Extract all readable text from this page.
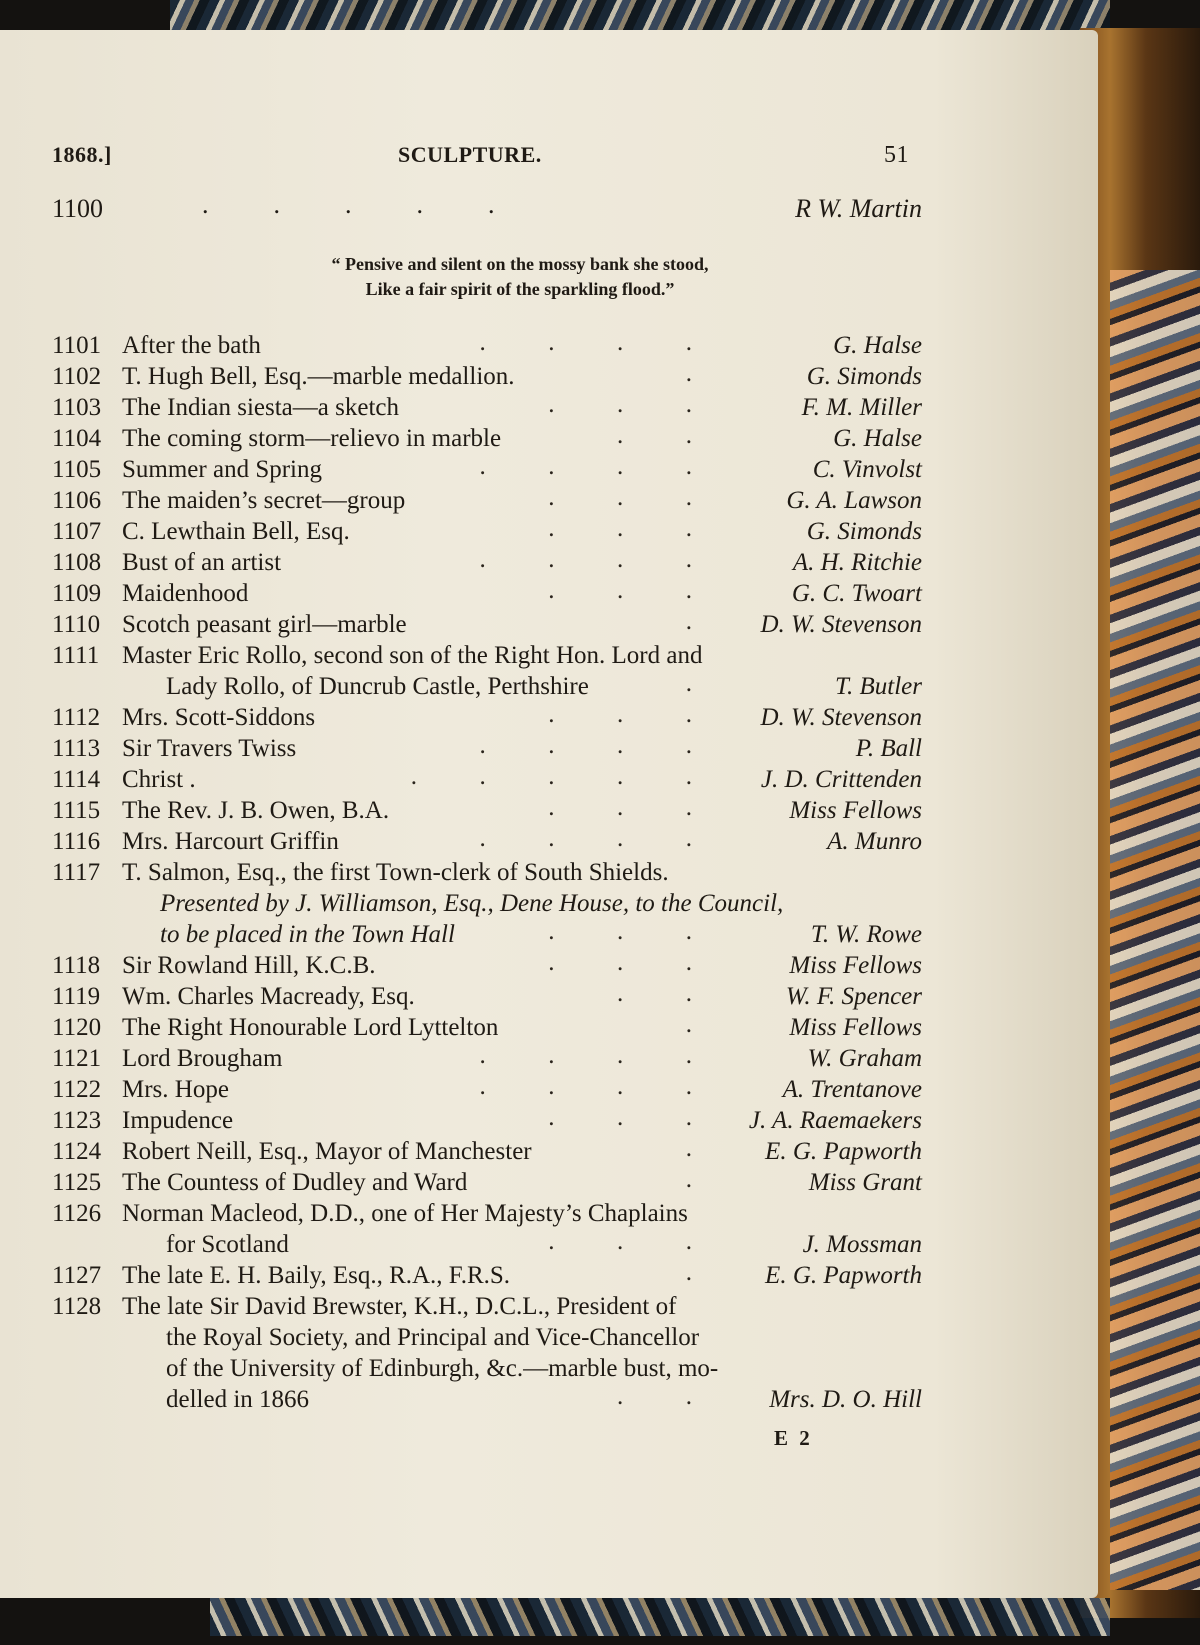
1868.]	SCULPTURE.	51
1100	.          .          .          .          .	R W. Martin
“ Pensive and silent on the mossy bank she stood,
Like a fair spirit of the sparkling flood.”
1101 After the bath	.          .          .          .	G. Halse
1102 T. Hugh Bell, Esq.—marble medallion.	.	G. Simonds
1103 The Indian siesta—a sketch	.          .          .	F. M. Miller
1104 The coming storm—relievo in marble	.          .	G. Halse
1105 Summer and Spring	.          .          .          .	C. Vinvolst
1106 The maiden’s secret—group	.          .          .	G. A. Lawson
1107 C. Lewthain Bell, Esq.	.          .          .	G. Simonds
1108 Bust of an artist	.          .          .          .	A. H. Ritchie
1109 Maidenhood	.          .          .	G. C. Twoart
1110 Scotch peasant girl—marble	.	D. W. Stevenson
1111 Master Eric Rollo, second son of the Right Hon. Lord and
Lady Rollo, of Duncrub Castle, Perthshire	.	T. Butler
1112 Mrs. Scott-Siddons	.          .          .	D. W. Stevenson
1113 Sir Travers Twiss	.          .          .          .	P. Ball
1114 Christ .	.          .          .          .          .	J. D. Crittenden
1115 The Rev. J. B. Owen, B.A.	.          .          .	Miss Fellows
1116 Mrs. Harcourt Griffin	.          .          .          .	A. Munro
1117 T. Salmon, Esq., the first Town-clerk of South Shields.
Presented by J. Williamson, Esq., Dene House, to the Council,
to be placed in the Town Hall	.          .          .	T. W. Rowe
1118 Sir Rowland Hill, K.C.B.	.          .          .	Miss Fellows
1119 Wm. Charles Macready, Esq.	.          .	W. F. Spencer
1120 The Right Honourable Lord Lyttelton	.	Miss Fellows
1121 Lord Brougham	.          .          .          .	W. Graham
1122 Mrs. Hope	.          .          .          .	A. Trentanove
1123 Impudence	.          .          . J. A. Raemaekers
1124 Robert Neill, Esq., Mayor of Manchester	.	E. G. Papworth
1125 The Countess of Dudley and Ward	.	Miss Grant
1126 Norman Macleod, D.D., one of Her Majesty’s Chaplains
for Scotland	.          .          .	J. Mossman
1127 The late E. H. Baily, Esq., R.A., F.R.S.	.	E. G. Papworth
1128 The late Sir David Brewster, K.H., D.C.L., President of
the Royal Society, and Principal and Vice-Chancellor
of the University of Edinburgh, &c.—marble bust, mo-
delled in 1866	.          .	Mrs. D. O. Hill
E 2
